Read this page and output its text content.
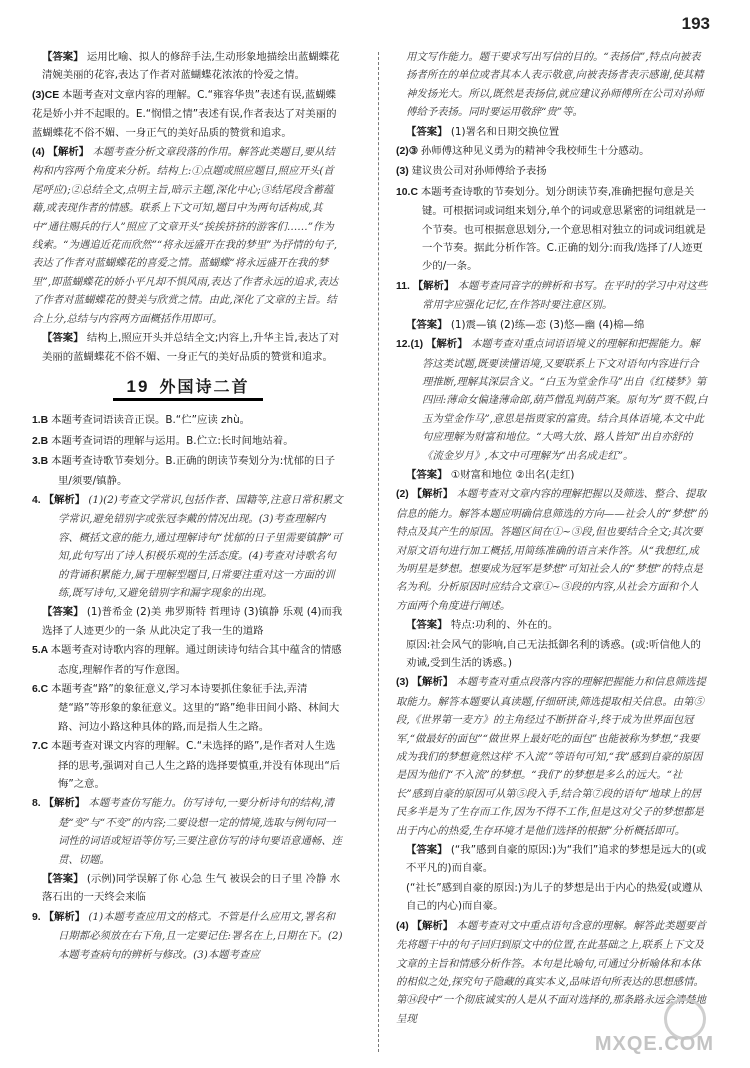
193

【答案】 运用比喻、拟人的修辞手法,生动形象地描绘出蓝蝴蝶花清婉美丽的花容,表达了作者对蓝蝴蝶花浓浓的怜爱之情。

(3)CE 本题考查对文章内容的理解。C.“雍容华贵”表述有误,蓝蝴蝶花是娇小并不起眼的。E.“悯惜之情”表述有误,作者表达了对美丽的蓝蝴蝶花不俗不媚、一身正气的美好品质的赞赏和追求。

(4) 【解析】 本题考查分析文章段落的作用。解答此类题目,要从结构和内容两个角度来分析。结构上:①点题或照应题目,照应开头(首尾呼应);②总结全文,点明主旨,暗示主题,深化中心;③结尾段含蓄蕴藉,或表现作者的情感。联系上下文可知,题目中为两句话构成,其中“通往赐兵的行人”照应了文章开头“挨挨挤挤的游客们……”作为线索。“为遇追近花而欣然”“将永远盛开在我的梦里”为抒情的句子,表达了作者对蓝蝴蝶花的喜爱之情。蓝蝴蝶“将永远盛开在我的梦里”,即蓝蝴蝶花的娇小平凡却不惧风雨,表达了作者永远的追求,表达了作者对蓝蝴蝶花的赞美与欣赏之情。由此,深化了文章的主旨。结合上分,总结与内容两方面概括作用即可。

【答案】 结构上,照应开头并总结全文;内容上,升华主旨,表达了对美丽的蓝蝴蝶花不俗不媚、一身正气的美好品质的赞赏和追求。

19 外国诗二首

1.B 本题考查词语读音正误。B.“伫”应读 zhù。

2.B 本题考查词语的理解与运用。B.伫立:长时间地站着。

3.B 本题考查诗歌节奏划分。B.正确的朗读节奏划分为:忧郁的日子里/须要/镇静。

4. 【解析】 (1)(2)考查文学常识,包括作者、国籍等,注意日常积累文学常识,避免错别字或张冠李戴的情况出现。(3)考查理解内容、概括文意的能力,通过理解诗句“忧郁的日子里需要镇静”可知,此句写出了诗人积极乐观的生活态度。(4)考查对诗歌名句的背诵积累能力,属于理解型题目,日常要注重对这一方面的训练,既写诗句,又避免错别字和漏字现象的出现。

【答案】 (1)普希金 (2)美 弗罗斯特 哲理诗 (3)镇静 乐观 (4)而我选择了人迹更少的一条 从此决定了我一生的道路

5.A 本题考查对诗歌内容的理解。通过朗读诗句结合其中蕴含的情感态度,理解作者的写作意图。

6.C 本题考查“路”的象征意义,学习本诗要抓住象征手法,弄清楚“路”等形象的象征意义。这里的“路”绝非田间小路、林间大路、河边小路这种具体的路,而是指人生之路。

7.C 本题考查对课文内容的理解。C.“未选择的路”,是作者对人生选择的思考,强调对自己人生之路的选择要慎重,并没有体现出“后悔”之意。

8. 【解析】 本题考查仿写能力。仿写诗句,一要分析诗句的结构,清楚“变”与“不变”的内容;二要设想一定的情境,选取与例句同一词性的词语或短语等仿写;三要注意仿写的诗句要语意通畅、连贯、切题。

【答案】 (示例)同学误解了你 心急 生气 被误会的日子里 冷静 水落石出的一天终会来临

9. 【解析】 (1)本题考查应用文的格式。不管是什么应用文,署名和日期都必须放在右下角,且一定要记住:署名在上,日期在下。(2)本题考查病句的辨析与修改。(3)本题考查应

用文写作能力。题干要求写出写信的目的。“表扬信”,特点向被表扬者所在的单位或者其本人表示敬意,向被表扬者表示感谢,使其精神发扬光大。所以,既然是表扬信,就应建议孙师傅所在公司对孙师傅给予表扬。同时要运用敬辞“贵”等。

【答案】 (1)署名和日期交换位置

(2)③ 孙师傅这种见义勇为的精神令我校师生十分感动。

(3) 建议贵公司对孙师傅给予表扬

10.C 本题考查诗歌的节奏划分。划分朗读节奏,准确把握句意是关键。可根据词或词组来划分,单个的词或意思紧密的词组就是一个节奏。也可根据意思划分,一个意思相对独立的词或词组就是一个节奏。据此分析作答。C.正确的划分:而我/选择了/人迹更少的/一条。

11. 【解析】 本题考查同音字的辨析和书写。在平时的学习中对这些常用字应强化记忆,在作答时要注意区别。

【答案】 (1)震—镇 (2)练—恋 (3)悠—幽 (4)棉—绵

12.(1) 【解析】 本题考查对重点词语语境义的理解和把握能力。解答这类试题,既要读懂语境,又要联系上下文对语句内容进行合理推断,理解其深层含义。“白玉为堂金作马”出自《红楼梦》第四回:薄命女偏逢薄命郎,葫芦僧乱判葫芦案。原句为“贾不假,白玉为堂金作马”,意思是指贾家的富贵。结合具体语境,本文中此句应理解为财富和地位。“大鸣大放、路人皆知”出自亦舒的《流金岁月》,本文中可理解为“出名成走红”。

【答案】 ①财富和地位 ②出名(走红)

(2) 【解析】 本题考查对文章内容的理解把握以及筛选、整合、提取信息的能力。解答本题应明确信息筛选的方向——社会人的“梦想”的特点及其产生的原因。答题区间在①~③段,但也要结合全文;其次要对原文语句进行加工概括,用简练准确的语言来作答。从“我想红,成为明星是梦想。想要成为冠军是梦想”可知社会人的“梦想”的特点是名为利。分析原因时应结合文章①~③段的内容,从社会方面和个人方面两个角度进行阐述。

【答案】 特点:功利的、外在的。

原因:社会风气的影响,自己无法抵御名利的诱惑。(或:听信他人的劝诫,受到生活的诱惑。)

(3) 【解析】 本题考查对重点段落内容的理解把握能力和信息筛选提取能力。解答本题要认真读题,仔细研读,筛选提取相关信息。由第⑤段,《世界第一麦方》的主角经过不断拼奋斗,终于成为世界面包冠军,“做最好的面包”“做世界上最好吃的面包”也能被称为梦想,“我要成为我们的梦想竟然这样‘不入流’”等语句可知,“我”感到自豪的原因是因为他们“不入流”的梦想。“我们”的梦想是多么的远大。“社长”感到自豪的原因可从第⑤段入手,结合第⑦段的语句“地球上的居民多半是为了生存而工作,因为不得不工作,但是这对父子的梦想都是出于内心的热爱,生存环境才是他们选择的根据”分析概括即可。

【答案】 (“我”感到自豪的原因:)为“我们”追求的梦想是远大的(或不平凡的)而自豪。

(“社长”感到自豪的原因:)为儿子的梦想是出于内心的热爱(或遵从自己的内心)而自豪。

(4) 【解析】 本题考查对文中重点语句含意的理解。解答此类题要首先将题干中的句子回归到原文中的位置,在此基础之上,联系上下文及文章的主旨和情感分析作答。本句是比喻句,可通过分析喻体和本体的相似之处,探究句子隐藏的真实本义,品味语句所表达的思想感情。第⑭段中“一个彻底诚实的人是从不面对选择的,那条路永远会清楚地呈现

MXQE.COM
